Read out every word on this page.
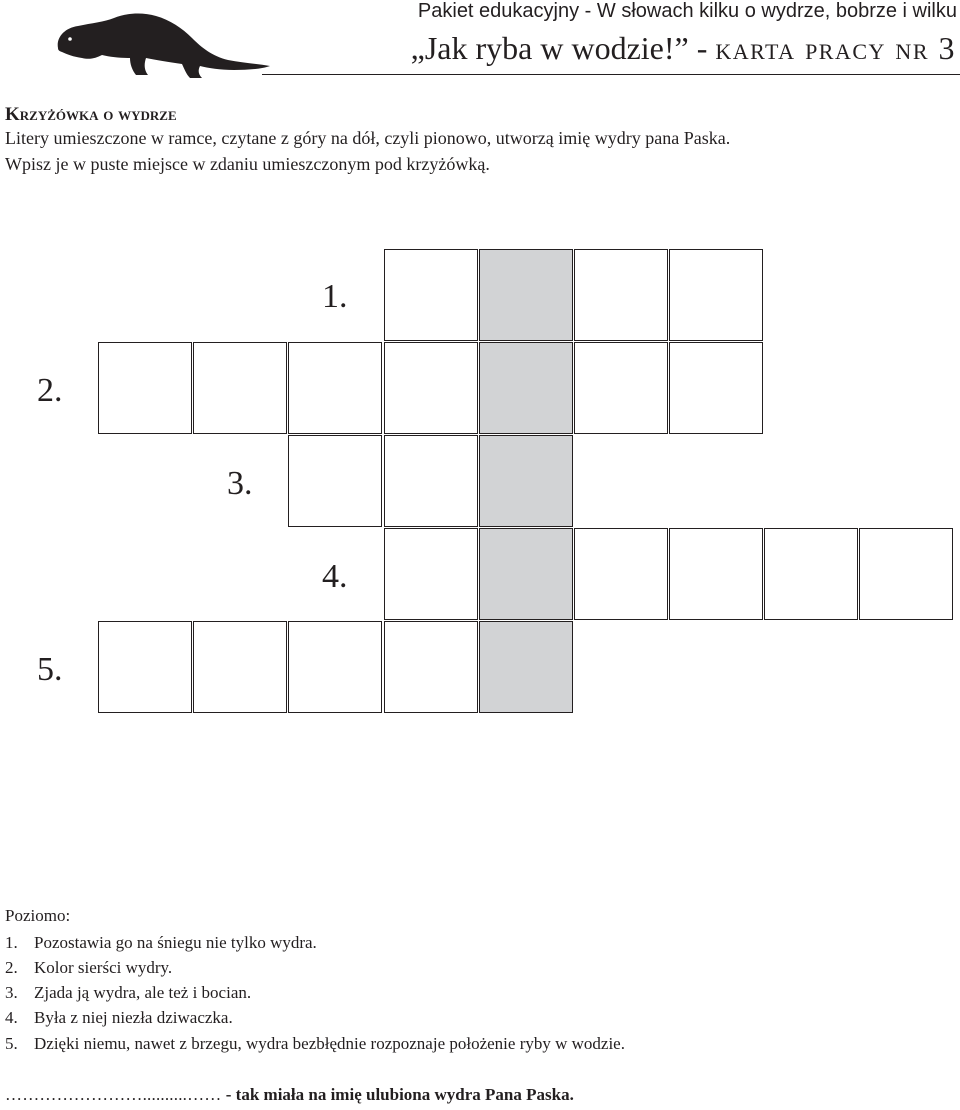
Pakiet edukacyjny - W słowach kilku o wydrze, bobrze i wilku
„Jak ryba w wodzie!” - karta pracy nr 3
Krzyżówka o wydrze
Litery umieszczone w ramce, czytane z góry na dół, czyli pionowo, utworzą imię wydry pana Paska.
Wpisz je w puste miejsce w zdaniu umieszczonym pod krzyżówką.
1.
2.
3.
4.
5.
Poziomo:
1. Pozostawia go na śniegu nie tylko wydra.
2. Kolor sierści wydry.
3. Zjada ją wydra, ale też i bocian.
4. Była z niej niezła dziwaczka.
5. Dzięki niemu, nawet z brzegu, wydra bezbłędnie rozpoznaje położenie ryby w wodzie.
……………………..........…… - tak miała na imię ulubiona wydra Pana Paska.
